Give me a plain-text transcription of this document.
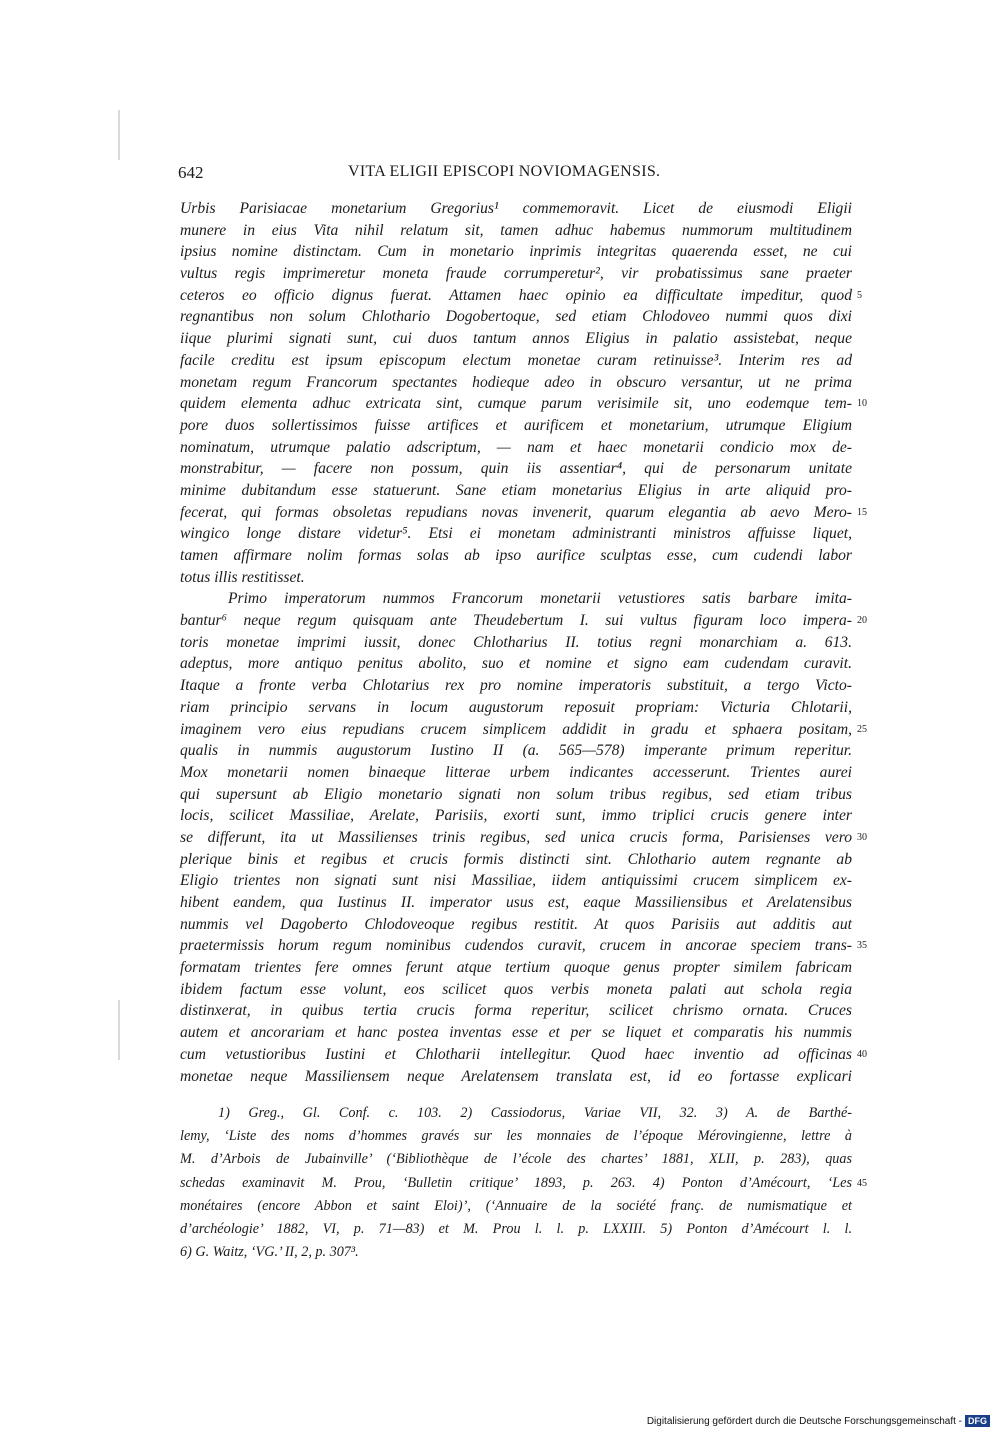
642	VITA ELIGII EPISCOPI NOVIOMAGENSIS.
Urbis Parisiacae monetarium Gregorius¹ commemoravit. Licet de eiusmodi Eligii
munere in eius Vita nihil relatum sit, tamen adhuc habemus nummorum multitudinem
ipsius nomine distinctam. Cum in monetario inprimis integritas quaerenda esset, ne cui
vultus regis imprimeretur moneta fraude corrumperetur², vir probatissimus sane praeter
ceteros eo officio dignus fuerat. Attamen haec opinio ea difficultate impeditur, quod 5
regnantibus non solum Chlothario Dogobertoque, sed etiam Chlodoveo nummi quos dixi
iique plurimi signati sunt, cui duos tantum annos Eligius in palatio assistebat, neque
facile creditu est ipsum episcopum electum monetae curam retinuisse³. Interim res ad
monetam regum Francorum spectantes hodieque adeo in obscuro versantur, ut ne prima
quidem elementa adhuc extricata sint, cumque parum verisimile sit, uno eodemque tem- 10
pore duos sollertissimos fuisse artifices et aurificem et monetarium, utrumque Eligium
nominatum, utrumque palatio adscriptum, — nam et haec monetarii condicio mox de-
monstrabitur, — facere non possum, quin iis assentiar⁴, qui de personarum unitate
minime dubitandum esse statuerunt. Sane etiam monetarius Eligius in arte aliquid pro-
fecerat, qui formas obsoletas repudians novas invenerit, quarum elegantia ab aevo Mero- 15
wingico longe distare videtur⁵. Etsi ei monetam administranti ministros affuisse liquet,
tamen affirmare nolim formas solas ab ipso aurifice sculptas esse, cum cudendi labor
totus illis restitisset.
Primo imperatorum nummos Francorum monetarii vetustiores satis barbare imita-
bantur⁶ neque regum quisquam ante Theudebertum I. sui vultus figuram loco impera- 20
toris monetae imprimi iussit, donec Chlotharius II. totius regni monarchiam a. 613.
adeptus, more antiquo penitus abolito, suo et nomine et signo eam cudendam curavit.
Itaque a fronte verba Chlotarius rex pro nomine imperatoris substituit, a tergo Victo-
riam principio servans in locum augustorum reposuit propriam: Victuria Chlotarii,
imaginem vero eius repudians crucem simplicem addidit in gradu et sphaera positam, 25
qualis in nummis augustorum Iustino II (a. 565—578) imperante primum reperitur.
Mox monetarii nomen binaeque litterae urbem indicantes accesserunt. Trientes aurei
qui supersunt ab Eligio monetario signati non solum tribus regibus, sed etiam tribus
locis, scilicet Massiliae, Arelate, Parisiis, exorti sunt, immo triplici crucis genere inter
se differunt, ita ut Massilienses trinis regibus, sed unica crucis forma, Parisienses vero 30
plerique binis et regibus et crucis formis distincti sint. Chlothario autem regnante ab
Eligio trientes non signati sunt nisi Massiliae, iidem antiquissimi crucem simplicem ex-
hibent eandem, qua Iustinus II. imperator usus est, eaque Massiliensibus et Arelatensibus
nummis vel Dagoberto Chlodoveoque regibus restitit. At quos Parisiis aut additis aut
praetermissis horum regum nominibus cudendos curavit, crucem in ancorae speciem trans- 35
formatam trientes fere omnes ferunt atque tertium quoque genus propter similem fabricam
ibidem factum esse volunt, eos scilicet quos verbis moneta palati aut schola regia
distinxerat, in quibus tertia crucis forma reperitur, scilicet chrismo ornata. Cruces
autem et ancorariam et hanc postea inventas esse et per se liquet et comparatis his nummis
cum vetustioribus Iustini et Chlotharii intellegitur. Quod haec inventio ad officinas 40
monetae neque Massiliensem neque Arelatensem translata est, id eo fortasse explicari
1) Greg., Gl. Conf. c. 103. 2) Cassiodorus, Variae VII, 32. 3) A. de Barthé-
lemy, ‘Liste des noms d’hommes gravés sur les monnaies de l’époque Mérovingienne, lettre à
M. d’Arbois de Jubainville’ (‘Bibliothèque de l’école des chartes’ 1881, XLII, p. 283), quas
schedas examinavit M. Prou, ‘Bulletin critique’ 1893, p. 263. 4) Ponton d’Amécourt, ‘Les 45
monétaires (encore Abbon et saint Eloi)’, (‘Annuaire de la société franç. de numismatique et
d’archéologie’ 1882, VI, p. 71—83) et M. Prou l. l. p. LXXIII. 5) Ponton d’Amécourt l. l.
6) G. Waitz, ‘VG.’ II, 2, p. 307³.
Digitalisierung gefördert durch die Deutsche Forschungsgemeinschaft - DFG
